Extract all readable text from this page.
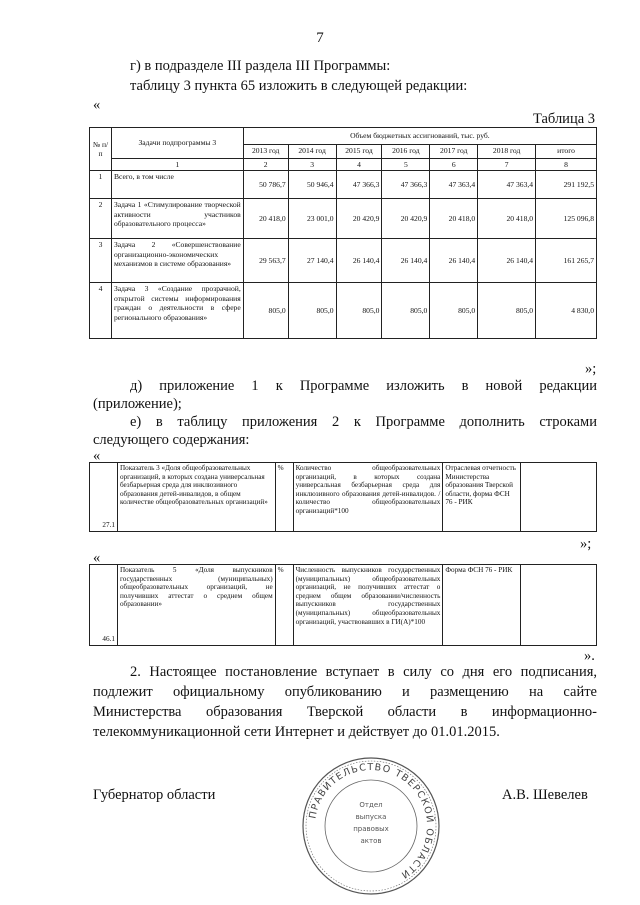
7
г) в подразделе III раздела III Программы:
таблицу 3 пункта 65 изложить в следующей редакции:
«
Таблица 3
№ п/п	Задачи подпрограммы 3	Объем бюджетных ассигнований, тыс. руб.						
		2013 год	2014 год	2015 год	2016 год	2017 год	2018 год	итого
	1	2	3	4	5	6	7	8
1	Всего, в том числе	50 786,7	50 946,4	47 366,3	47 366,3	47 363,4	47 363,4	291 192,5
2	Задача 1 «Стимулирование творческой активности участников образовательного процесса»	20 418,0	23 001,0	20 420,9	20 420,9	20 418,0	20 418,0	125 096,8
3	Задача 2 «Совершенствование организационно-экономических механизмов в системе образования»	29 563,7	27 140,4	26 140,4	26 140,4	26 140,4	26 140,4	161 265,7
4	Задача 3 «Создание прозрачной, открытой системы информирования граждан о деятельности в сфере регионального образования»	805,0	805,0	805,0	805,0	805,0	805,0	4 830,0
»;
д) приложение 1 к Программе изложить в новой редакции
(приложение);
е) в таблицу приложения 2 к Программе дополнить строками
следующего содержания:
«
27.1	Показатель 3 «Доля общеобразовательных организаций, в которых создана универсальная безбарьерная среда для инклюзивного образования детей-инвалидов, в общем количестве общеобразовательных организаций»	%	Количество общеобразовательных организаций, в которых создана универсальная безбарьерная среда для инклюзивного образования детей-инвалидов. /количество общеобразовательных организаций*100	Отраслевая отчетность Министерства образования Тверской области, форма ФСН 76 - РИК	
»;
«
46.1	Показатель 5 «Доля выпускников государственных (муниципальных) общеобразовательных организаций, не получивших аттестат о среднем общем образовании»	%	Численность выпускников государственных (муниципальных) общеобразовательных организаций, не получивших аттестат о среднем общем образовании/численность выпускников государственных (муниципальных) общеобразовательных организаций, участвовавших в ГИ(А)*100	Форма ФСН 76 - РИК	
».
2. Настоящее постановление вступает в силу со дня его подписания,
подлежит официальному опубликованию и размещению на сайте
Министерства образования Тверской области в информационно-
телекоммуникационной сети Интернет и действует до 01.01.2015.
Губернатор области	А.В. Шевелев
ПРАВИТЕЛЬСТВО ТВЕРСКОЙ ОБЛАСТИ
Отдел
выпуска
правовых
актов
